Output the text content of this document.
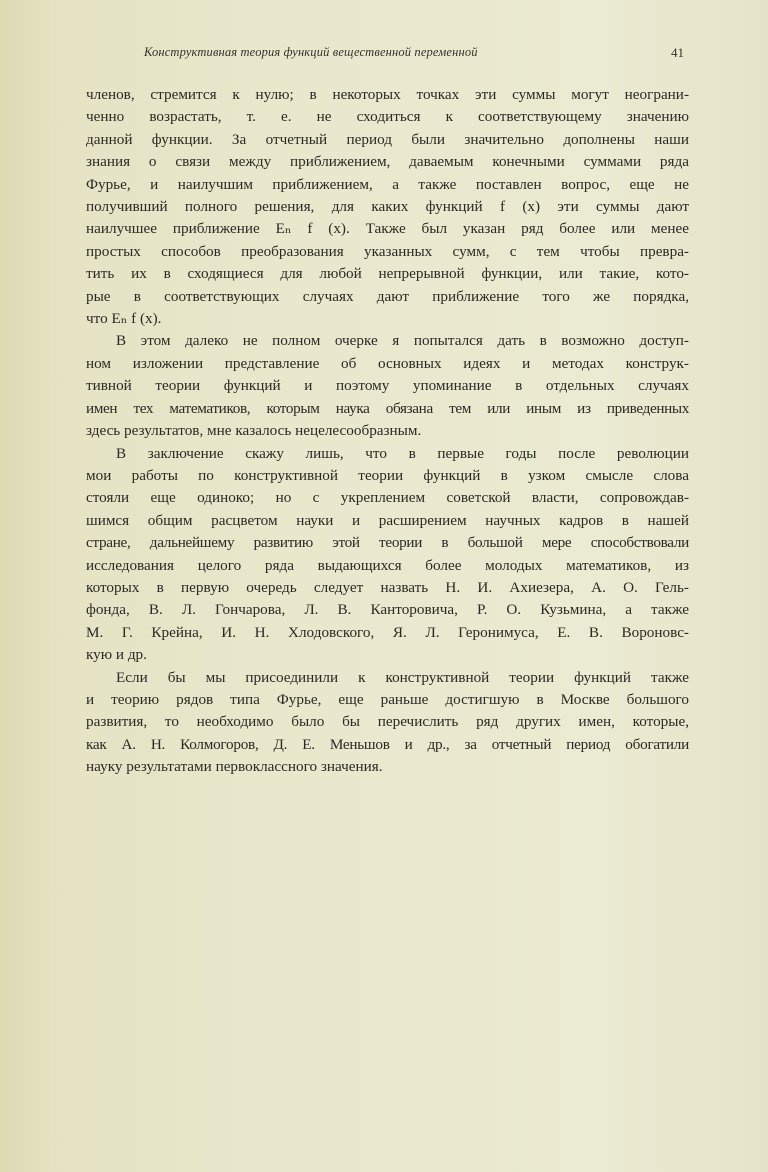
Конструктивная теория функций вещественной переменной	41

членов, стремится к нулю; в некоторых точках эти суммы могут неограни-
ченно возрастать, т. е. не сходиться к соответствующему значению
данной функции. За отчетный период были значительно дополнены наши
знания о связи между приближением, даваемым конечными суммами ряда
Фурье, и наилучшим приближением, а также поставлен вопрос, еще не
получивший полного решения, для каких функций f (x) эти суммы дают
наилучшее приближение Eₙ f (x). Также был указан ряд более или менее
простых способов преобразования указанных сумм, с тем чтобы превра-
тить их в сходящиеся для любой непрерывной функции, или такие, кото-
рые в соответствующих случаях дают приближение того же порядка,
что Eₙ f (x).

В этом далеко не полном очерке я попытался дать в возможно доступ-
ном изложении представление об основных идеях и методах конструк-
тивной теории функций и поэтому упоминание в отдельных случаях
имен тех математиков, которым наука обязана тем или иным из приведенных
здесь результатов, мне казалось нецелесообразным.

В заключение скажу лишь, что в первые годы после революции
мои работы по конструктивной теории функций в узком смысле слова
стояли еще одиноко; но с укреплением советской власти, сопровождав-
шимся общим расцветом науки и расширением научных кадров в нашей
стране, дальнейшему развитию этой теории в большой мере способствовали
исследования целого ряда выдающихся более молодых математиков, из
которых в первую очередь следует назвать Н. И. Ахиезера, А. О. Гель-
фонда, В. Л. Гончарова, Л. В. Канторовича, Р. О. Кузьмина, а также
М. Г. Крейна, И. Н. Хлодовского, Я. Л. Геронимуса, Е. В. Вороновс-
кую и др.

Если бы мы присоединили к конструктивной теории функций также
и теорию рядов типа Фурье, еще раньше достигшую в Москве большого
развития, то необходимо было бы перечислить ряд других имен, которые,
как А. Н. Колмогоров, Д. Е. Меньшов и др., за отчетный период обогатили
науку результатами первоклассного значения.
